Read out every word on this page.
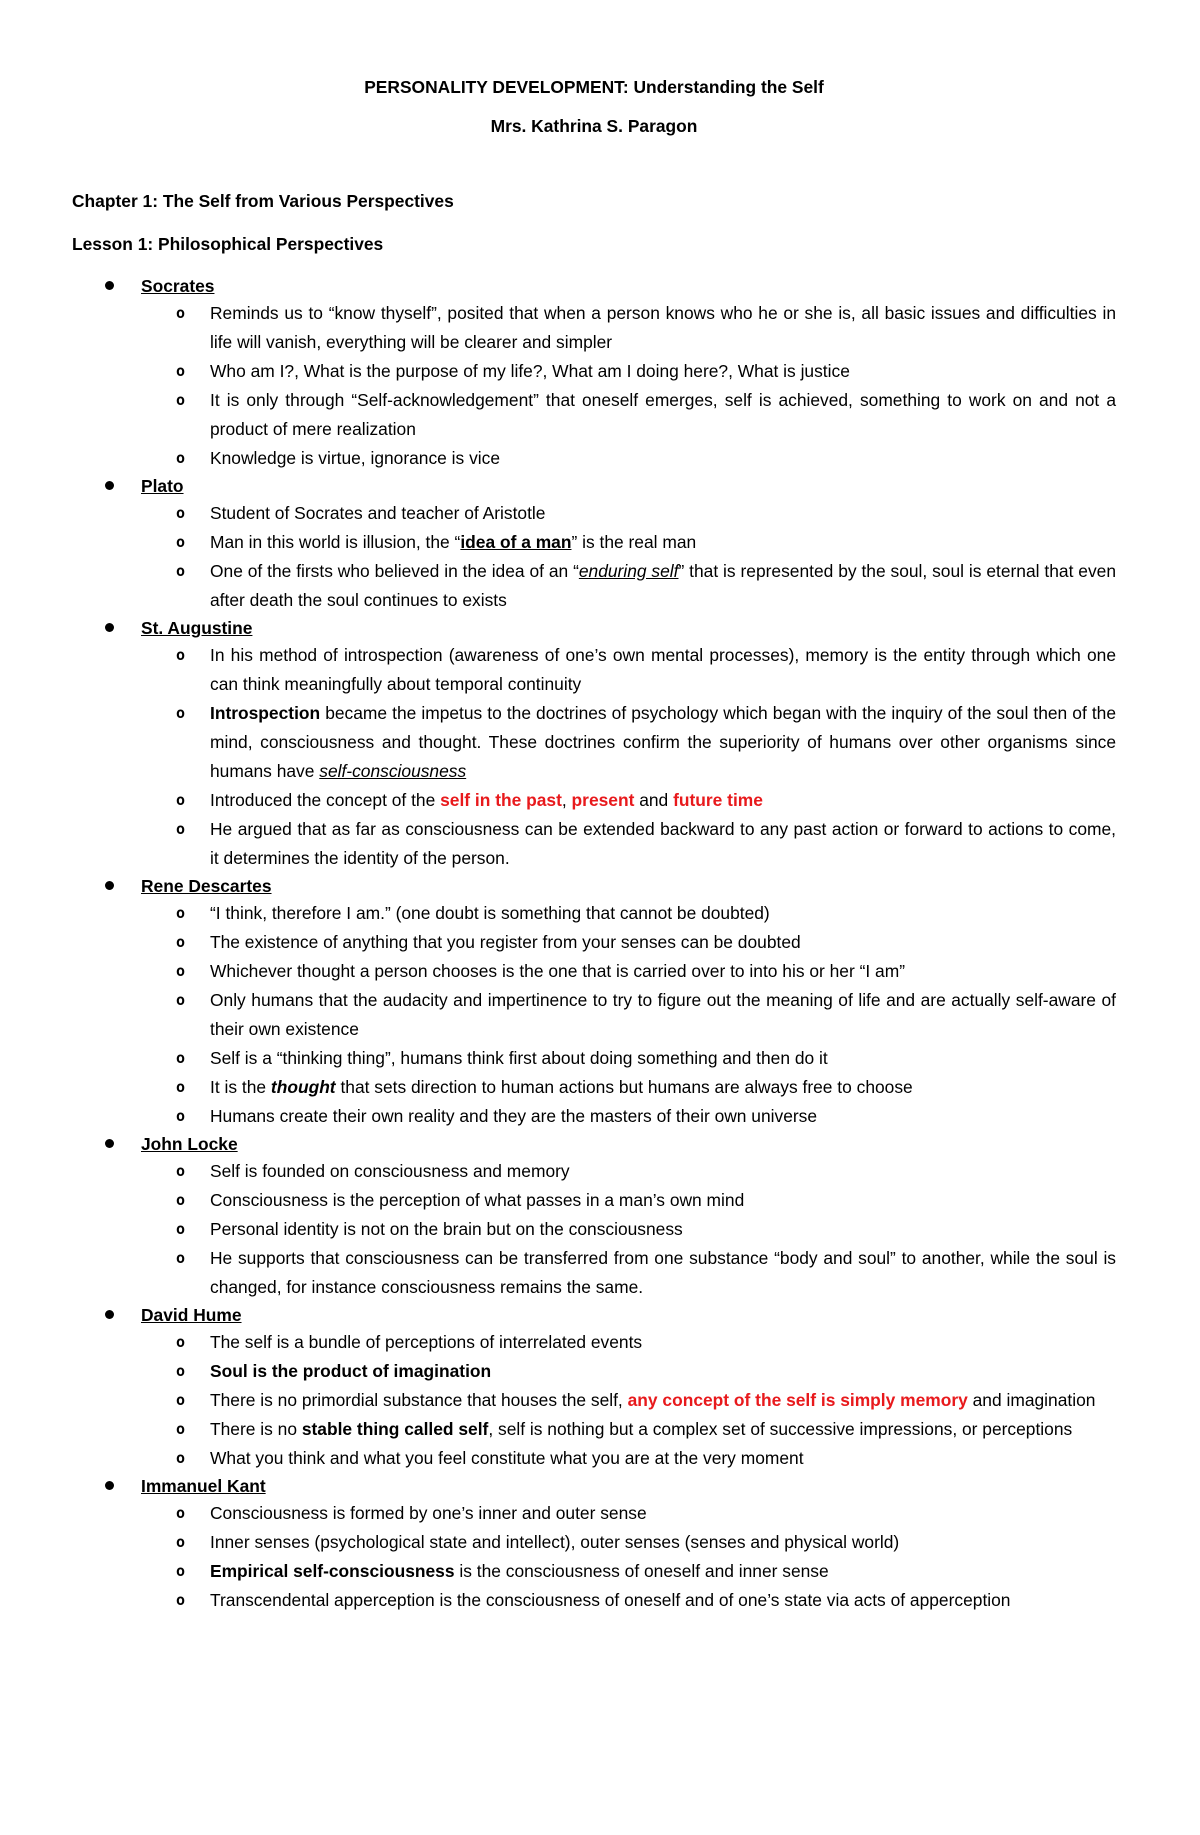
PERSONALITY DEVELOPMENT: Understanding the Self

Mrs. Kathrina S. Paragon

Chapter 1: The Self from Various Perspectives

Lesson 1: Philosophical Perspectives

Socrates
o Reminds us to “know thyself”, posited that when a person knows who he or she is, all basic issues and difficulties in life will vanish, everything will be clearer and simpler
o Who am I?, What is the purpose of my life?, What am I doing here?, What is justice
o It is only through “Self-acknowledgement” that oneself emerges, self is achieved, something to work on and not a product of mere realization
o Knowledge is virtue, ignorance is vice
Plato
o Student of Socrates and teacher of Aristotle
o Man in this world is illusion, the “idea of a man” is the real man
o One of the firsts who believed in the idea of an “enduring self” that is represented by the soul, soul is eternal that even after death the soul continues to exists
St. Augustine
o In his method of introspection (awareness of one’s own mental processes), memory is the entity through which one can think meaningfully about temporal continuity
o Introspection became the impetus to the doctrines of psychology which began with the inquiry of the soul then of the mind, consciousness and thought. These doctrines confirm the superiority of humans over other organisms since humans have self-consciousness
o Introduced the concept of the self in the past, present and future time
o He argued that as far as consciousness can be extended backward to any past action or forward to actions to come, it determines the identity of the person.
Rene Descartes
o “I think, therefore I am.” (one doubt is something that cannot be doubted)
o The existence of anything that you register from your senses can be doubted
o Whichever thought a person chooses is the one that is carried over to into his or her “I am”
o Only humans that the audacity and impertinence to try to figure out the meaning of life and are actually self-aware of their own existence
o Self is a “thinking thing”, humans think first about doing something and then do it
o It is the thought that sets direction to human actions but humans are always free to choose
o Humans create their own reality and they are the masters of their own universe
John Locke
o Self is founded on consciousness and memory
o Consciousness is the perception of what passes in a man’s own mind
o Personal identity is not on the brain but on the consciousness
o He supports that consciousness can be transferred from one substance “body and soul” to another, while the soul is changed, for instance consciousness remains the same.
David Hume
o The self is a bundle of perceptions of interrelated events
o Soul is the product of imagination
o There is no primordial substance that houses the self, any concept of the self is simply memory and imagination
o There is no stable thing called self, self is nothing but a complex set of successive impressions, or perceptions
o What you think and what you feel constitute what you are at the very moment
Immanuel Kant
o Consciousness is formed by one’s inner and outer sense
o Inner senses (psychological state and intellect), outer senses (senses and physical world)
o Empirical self-consciousness is the consciousness of oneself and inner sense
o Transcendental apperception is the consciousness of oneself and of one’s state via acts of apperception
